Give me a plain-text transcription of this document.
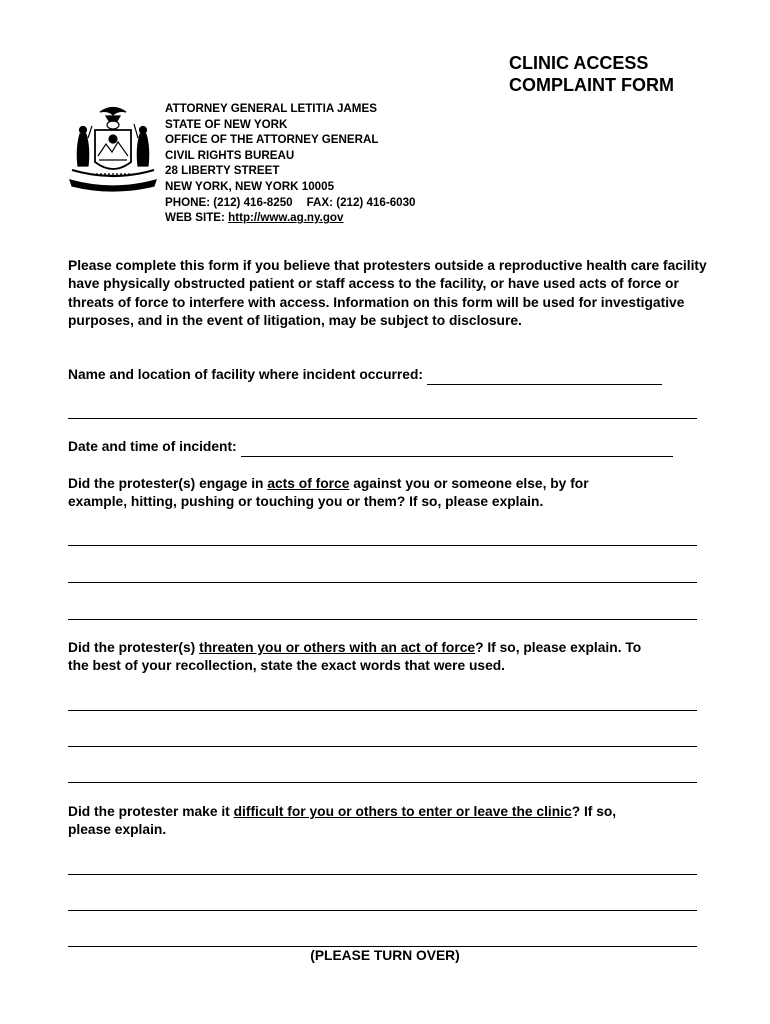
CLINIC ACCESS
COMPLAINT FORM
ATTORNEY GENERAL LETITIA JAMES
STATE OF NEW YORK
OFFICE OF THE ATTORNEY GENERAL
CIVIL RIGHTS BUREAU
28 LIBERTY STREET
NEW YORK, NEW YORK 10005
PHONE: (212) 416-8250 FAX: (212) 416-6030
WEB SITE: http://www.ag.ny.gov
Please complete this form if you believe that protesters outside a reproductive health care facility have physically obstructed patient or staff access to the facility, or have used acts of force or threats of force to interfere with access. Information on this form will be used for investigative purposes, and in the event of litigation, may be subject to disclosure.
Name and location of facility where incident occurred:
Date and time of incident:
Did the protester(s) engage in acts of force against you or someone else, by for
example, hitting, pushing or touching you or them? If so, please explain.
Did the protester(s) threaten you or others with an act of force? If so, please explain. To
the best of your recollection, state the exact words that were used.
Did the protester make it difficult for you or others to enter or leave the clinic? If so,
please explain.
(PLEASE TURN OVER)
